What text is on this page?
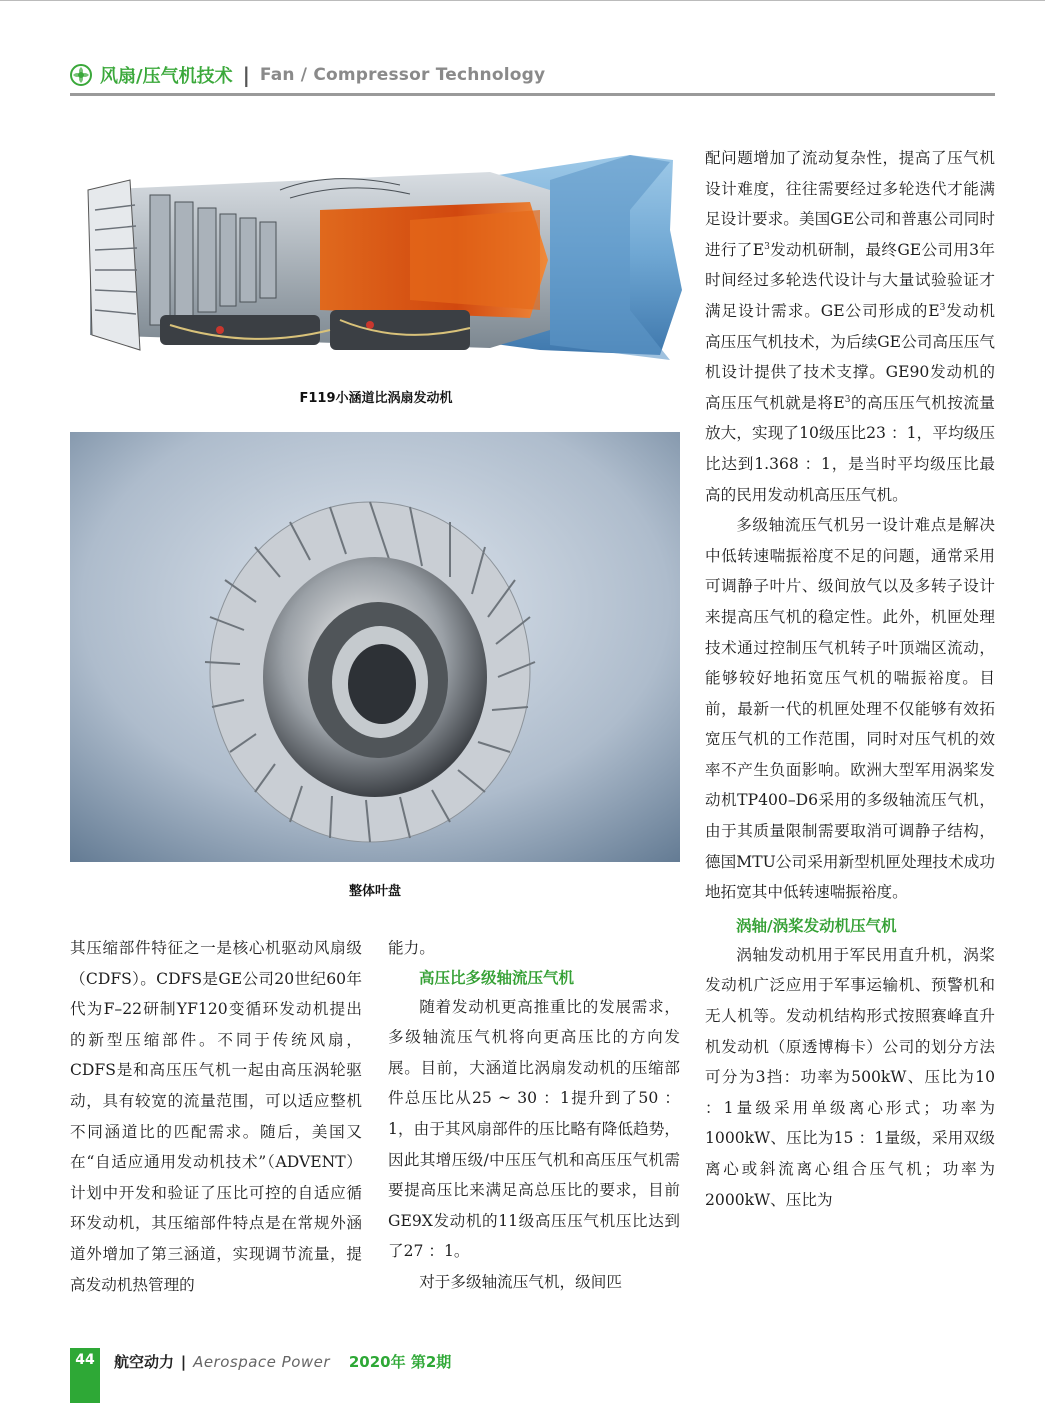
风扇/压气机技术 | Fan / Compressor Technology
F119小涵道比涡扇发动机
整体叶盘

其压缩部件特征之一是核心机驱动风扇级（CDFS）。CDFS是GE公司20世纪60年代为F–22研制YF120变循环发动机提出的新型压缩部件。不同于传统风扇，CDFS是和高压压气机一起由高压涡轮驱动，具有较宽的流量范围，可以适应整机不同涵道比的匹配需求。随后，美国又在“自适应通用发动机技术”（ADVENT）计划中开发和验证了压比可控的自适应循环发动机，其压缩部件特点是在常规外涵道外增加了第三涵道，实现调节流量，提高发动机热管理的

能力。

高压比多级轴流压气机

随着发动机更高推重比的发展需求，多级轴流压气机将向更高压比的方向发展。目前，大涵道比涡扇发动机的压缩部件总压比从25 ~ 30 ：1提升到了50 ：1，由于其风扇部件的压比略有降低趋势，因此其增压级/中压压气机和高压压气机需要提高压比来满足高总压比的要求，目前GE9X发动机的11级高压压气机压比达到了27 ：1。

对于多级轴流压气机，级间匹

配问题增加了流动复杂性，提高了压气机设计难度，往往需要经过多轮迭代才能满足设计要求。美国GE公司和普惠公司同时进行了$E^3$发动机研制，最终GE公司用3年时间经过多轮迭代设计与大量试验验证才满足设计需求。GE公司形成的$E^3$发动机高压压气机技术，为后续GE公司高压压气机设计提供了技术支撑。GE90发动机的高压压气机就是将$E^3$的高压压气机按流量放大，实现了10级压比23 ：1，平均级压比达到1.368 ：1，是当时平均级压比最高的民用发动机高压压气机。

多级轴流压气机另一设计难点是解决中低转速喘振裕度不足的问题，通常采用可调静子叶片、级间放气以及多转子设计来提高压气机的稳定性。此外，机匣处理技术通过控制压气机转子叶顶端区流动，能够较好地拓宽压气机的喘振裕度。目前，最新一代的机匣处理不仅能够有效拓宽压气机的工作范围，同时对压气机的效率不产生负面影响。欧洲大型军用涡桨发动机TP400–D6采用的多级轴流压气机，由于其质量限制需要取消可调静子结构，德国MTU公司采用新型机匣处理技术成功地拓宽其中低转速喘振裕度。

涡轴/涡桨发动机压气机

涡轴发动机用于军民用直升机，涡桨发动机广泛应用于军事运输机、预警机和无人机等。发动机结构形式按照赛峰直升机发动机（原透博梅卡）公司的划分方法可分为3挡：功率为500kW、压比为10 ：1量级采用单级离心形式；功率为1000kW、压比为15 ：1量级，采用双级离心或斜流离心组合压气机；功率为2000kW、压比为

44	航空动力 | Aerospace Power 2020年 第2期
